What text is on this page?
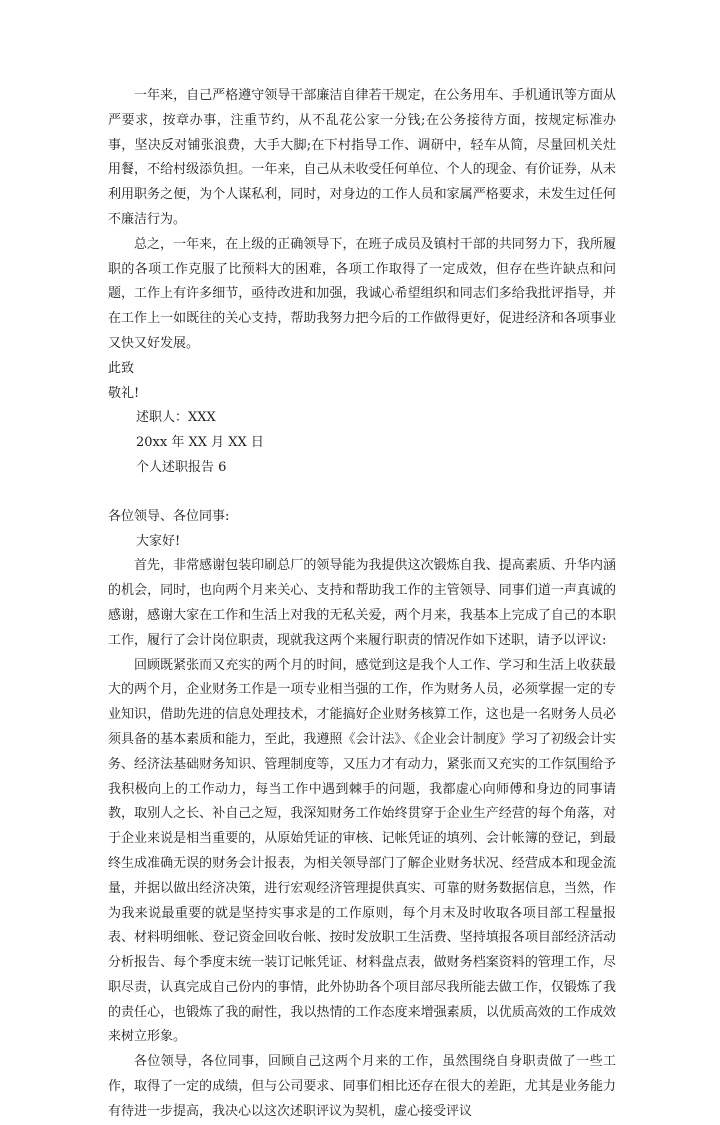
一年来，自己严格遵守领导干部廉洁自律若干规定，在公务用车、手机通讯等方面从严要求，按章办事，注重节约，从不乱花公家一分钱;在公务接待方面，按规定标准办事，坚决反对铺张浪费，大手大脚;在下村指导工作、调研中，轻车从简，尽量回机关灶用餐，不给村级添负担。一年来，自己从未收受任何单位、个人的现金、有价证券，从未利用职务之便，为个人谋私利，同时，对身边的工作人员和家属严格要求，未发生过任何不廉洁行为。

总之，一年来，在上级的正确领导下，在班子成员及镇村干部的共同努力下，我所履职的各项工作克服了比预料大的困难，各项工作取得了一定成效，但存在些许缺点和问题，工作上有许多细节，亟待改进和加强，我诚心希望组织和同志们多给我批评指导，并在工作上一如既往的关心支持，帮助我努力把今后的工作做得更好，促进经济和各项事业又快又好发展。

此致

敬礼!

述职人：XXX

20xx 年 XX 月 XX 日

个人述职报告 6

各位领导、各位同事:

大家好!

首先，非常感谢包装印刷总厂的领导能为我提供这次锻炼自我、提高素质、升华内涵的机会，同时，也向两个月来关心、支持和帮助我工作的主管领导、同事们道一声真诚的感谢，感谢大家在工作和生活上对我的无私关爱，两个月来，我基本上完成了自己的本职工作，履行了会计岗位职责，现就我这两个来履行职责的情况作如下述职，请予以评议:

回顾既紧张而又充实的两个月的时间，感觉到这是我个人工作、学习和生活上收获最大的两个月，企业财务工作是一项专业相当强的工作，作为财务人员，必须掌握一定的专业知识，借助先进的信息处理技术，才能搞好企业财务核算工作，这也是一名财务人员必须具备的基本素质和能力，至此，我遵照《会计法》、《企业会计制度》学习了初级会计实务、经济法基础财务知识、管理制度等，又压力才有动力，紧张而又充实的工作氛围给予我积极向上的工作动力，每当工作中遇到棘手的问题，我都虚心向师傅和身边的同事请教，取别人之长、补自己之短，我深知财务工作始终贯穿于企业生产经营的每个角落，对于企业来说是相当重要的，从原始凭证的审核、记帐凭证的填列、会计帐簿的登记，到最终生成准确无误的财务会计报表，为相关领导部门了解企业财务状况、经营成本和现金流量，并据以做出经济决策，进行宏观经济管理提供真实、可靠的财务数据信息，当然，作为我来说最重要的就是坚持实事求是的工作原则，每个月末及时收取各项目部工程量报表、材料明细帐、登记资金回收台帐、按时发放职工生活费、坚持填报各项目部经济活动分析报告、每个季度末统一装订记帐凭证、材料盘点表，做财务档案资料的管理工作，尽职尽责，认真完成自己份内的事情，此外协助各个项目部尽我所能去做工作，仅锻炼了我的责任心，也锻炼了我的耐性，我以热情的工作态度来增强素质，以优质高效的工作成效来树立形象。

各位领导，各位同事，回顾自己这两个月来的工作，虽然围绕自身职责做了一些工作，取得了一定的成绩，但与公司要求、同事们相比还存在很大的差距，尤其是业务能力有待进一步提高，我决心以这次述职评议为契机，虚心接受评议
